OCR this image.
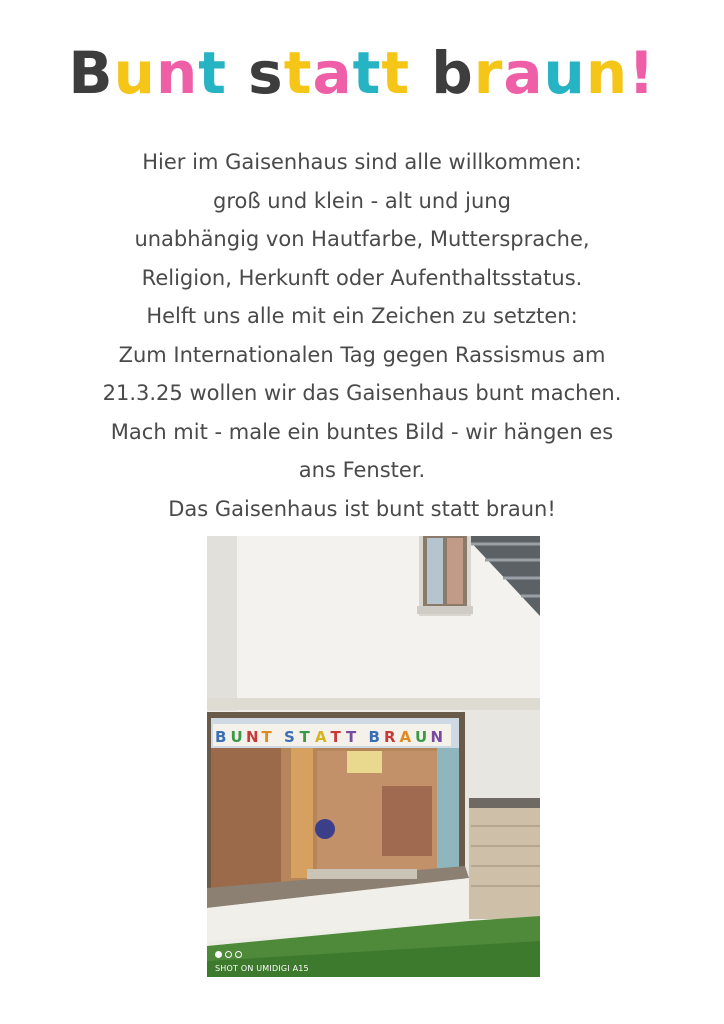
Bunt statt braun!
Hier im Gaisenhaus sind alle willkommen:
groß und klein - alt und jung
unabhängig von Hautfarbe, Muttersprache,
Religion, Herkunft oder Aufenthaltsstatus.
Helft uns alle mit ein Zeichen zu setzten:
Zum Internationalen Tag gegen Rassismus am
21.3.25 wollen wir das Gaisenhaus bunt machen.
Mach mit - male ein buntes Bild - wir hängen es
ans Fenster.
Das Gaisenhaus ist bunt statt braun!
B U N T S T A T T B R A U N
SHOT ON UMIDIGI A15
